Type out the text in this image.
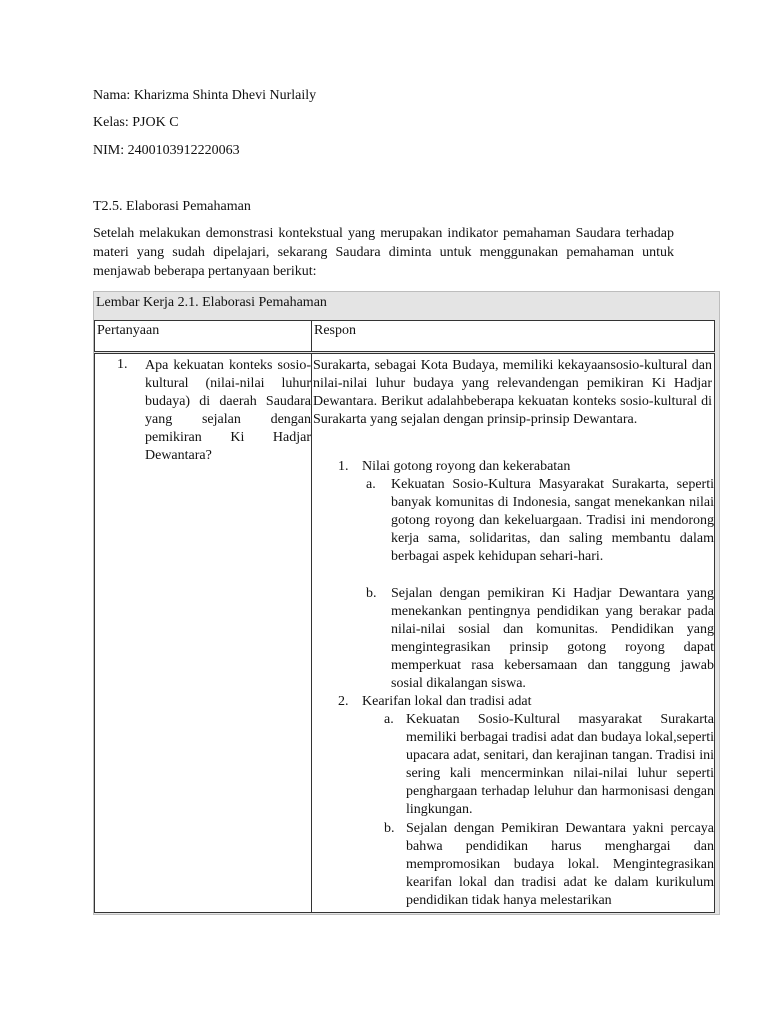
Nama: Kharizma Shinta Dhevi Nurlaily
Kelas: PJOK C
NIM: 2400103912220063
T2.5. Elaborasi Pemahaman
Setelah melakukan demonstrasi kontekstual yang merupakan indikator pemahaman Saudara terhadap materi yang sudah dipelajari, sekarang Saudara diminta untuk menggunakan pemahaman untuk menjawab beberapa pertanyaan berikut:
Lembar Kerja 2.1. Elaborasi Pemahaman
Pertanyaan	Respon
1. Apa kekuatan konteks sosio-kultural (nilai-nilai luhur budaya) di daerah Saudara yang sejalan dengan pemikiran Ki Hadjar Dewantara?
Surakarta, sebagai Kota Budaya, memiliki kekayaansosio-kultural dan nilai-nilai luhur budaya yang relevandengan pemikiran Ki Hadjar Dewantara. Berikut adalahbeberapa kekuatan konteks sosio-kultural di Surakarta yang sejalan dengan prinsip-prinsip Dewantara.
1. Nilai gotong royong dan kekerabatan
a. Kekuatan Sosio-Kultura Masyarakat Surakarta, seperti banyak komunitas di Indonesia, sangat menekankan nilai gotong royong dan kekeluargaan. Tradisi ini mendorong kerja sama, solidaritas, dan saling membantu dalam berbagai aspek kehidupan sehari-hari.
b. Sejalan dengan pemikiran Ki Hadjar Dewantara yang menekankan pentingnya pendidikan yang berakar pada nilai-nilai sosial dan komunitas. Pendidikan yang mengintegrasikan prinsip gotong royong dapat memperkuat rasa kebersamaan dan tanggung jawab sosial dikalangan siswa.
2. Kearifan lokal dan tradisi adat
a. Kekuatan Sosio-Kultural masyarakat Surakarta memiliki berbagai tradisi adat dan budaya lokal,seperti upacara adat, senitari, dan kerajinan tangan. Tradisi ini sering kali mencerminkan nilai-nilai luhur seperti penghargaan terhadap leluhur dan harmonisasi dengan lingkungan.
b. Sejalan dengan Pemikiran Dewantara yakni percaya bahwa pendidikan harus menghargai dan mempromosikan budaya lokal. Mengintegrasikan kearifan lokal dan tradisi adat ke dalam kurikulum pendidikan tidak hanya melestarikan
